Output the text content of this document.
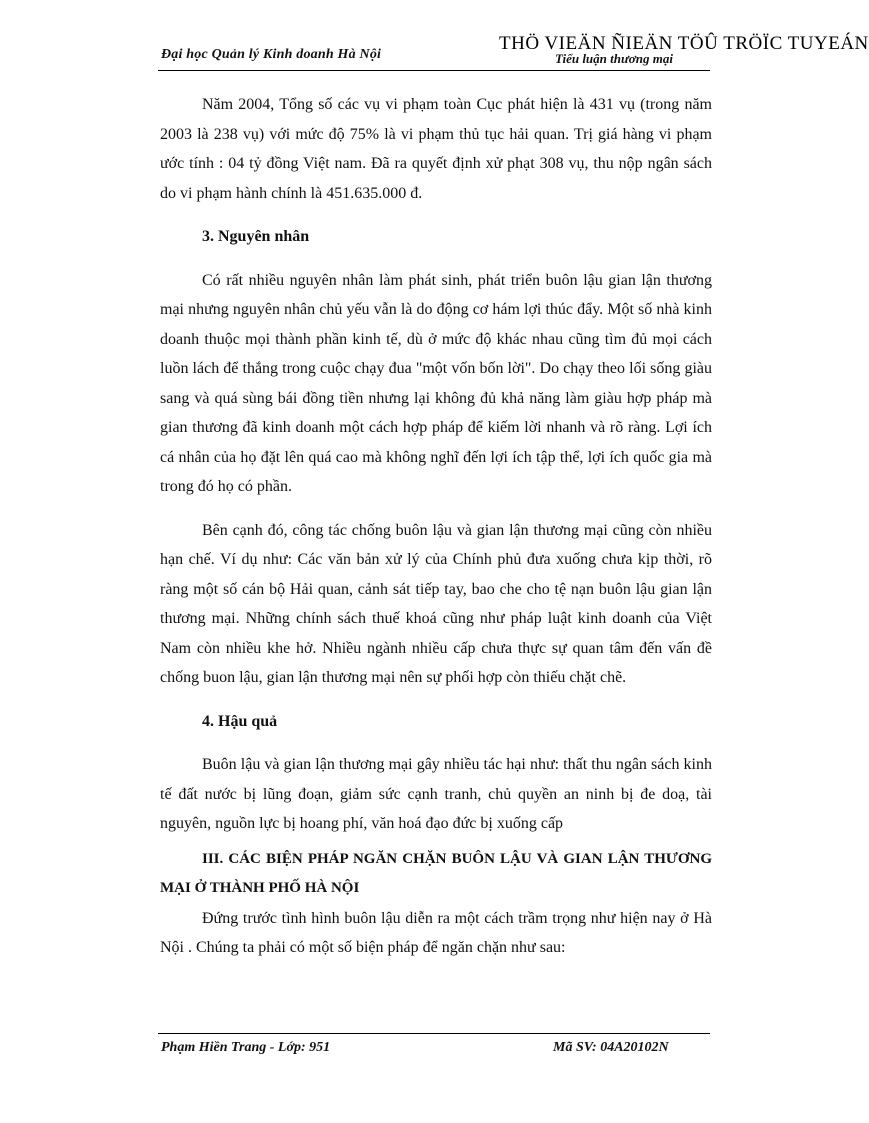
THÖ VIEÄN ÑIEÄN TÖÛ TRÖÏC TUYEÁN
Đại học Quản lý Kinh doanh Hà Nội	Tiểu luận thương mại

Năm 2004, Tổng số các vụ vi phạm toàn Cục phát hiện là 431 vụ (trong năm 2003 là 238 vụ) với mức độ 75% là vi phạm thủ tục hải quan. Trị giá hàng vi phạm ước tính : 04 tỷ đồng Việt nam. Đã ra quyết định xử phạt 308 vụ, thu nộp ngân sách do vi phạm hành chính là 451.635.000 đ.

3. Nguyên nhân

Có rất nhiều nguyên nhân làm phát sinh, phát triển buôn lậu gian lận thương mại nhưng nguyên nhân chủ yếu vẫn là do động cơ hám lợi thúc đẩy. Một số nhà kinh doanh thuộc mọi thành phần kinh tế, dù ở mức độ khác nhau cũng tìm đủ mọi cách luồn lách để thắng trong cuộc chạy đua "một vốn bốn lời". Do chạy theo lối sống giàu sang và quá sùng bái đồng tiền nhưng lại không đủ khả năng làm giàu hợp pháp mà gian thương đã kinh doanh một cách hợp pháp để kiếm lời nhanh và rõ ràng. Lợi ích cá nhân của họ đặt lên quá cao mà không nghĩ đến lợi ích tập thể, lợi ích quốc gia mà trong đó họ có phần.

Bên cạnh đó, công tác chống buôn lậu và gian lận thương mại cũng còn nhiều hạn chế. Ví dụ như: Các văn bản xử lý của Chính phủ đưa xuống chưa kịp thời, rõ ràng một số cán bộ Hải quan, cảnh sát tiếp tay, bao che cho tệ nạn buôn lậu gian lận thương mại. Những chính sách thuế khoá cũng như pháp luật kinh doanh của Việt Nam còn nhiều khe hở. Nhiều ngành nhiều cấp chưa thực sự quan tâm đến vấn đề chống buon lậu, gian lận thương mại nên sự phối hợp còn thiếu chặt chẽ.

4. Hậu quả

Buôn lậu và gian lận thương mại gây nhiều tác hại như: thất thu ngân sách kinh tế đất nước bị lũng đoạn, giảm sức cạnh tranh, chủ quyền an ninh bị đe doạ, tài nguyên, nguồn lực bị hoang phí, văn hoá đạo đức bị xuống cấp

III. CÁC BIỆN PHÁP NGĂN CHẶN BUÔN LẬU VÀ GIAN LẬN THƯƠNG MẠI Ở THÀNH PHỐ HÀ NỘI

Đứng trước tình hình buôn lậu diễn ra một cách trầm trọng như hiện nay ở Hà Nội . Chúng ta phải có một số biện pháp để ngăn chặn như sau:

Phạm Hiền Trang - Lớp: 951	Mã SV: 04A20102N
